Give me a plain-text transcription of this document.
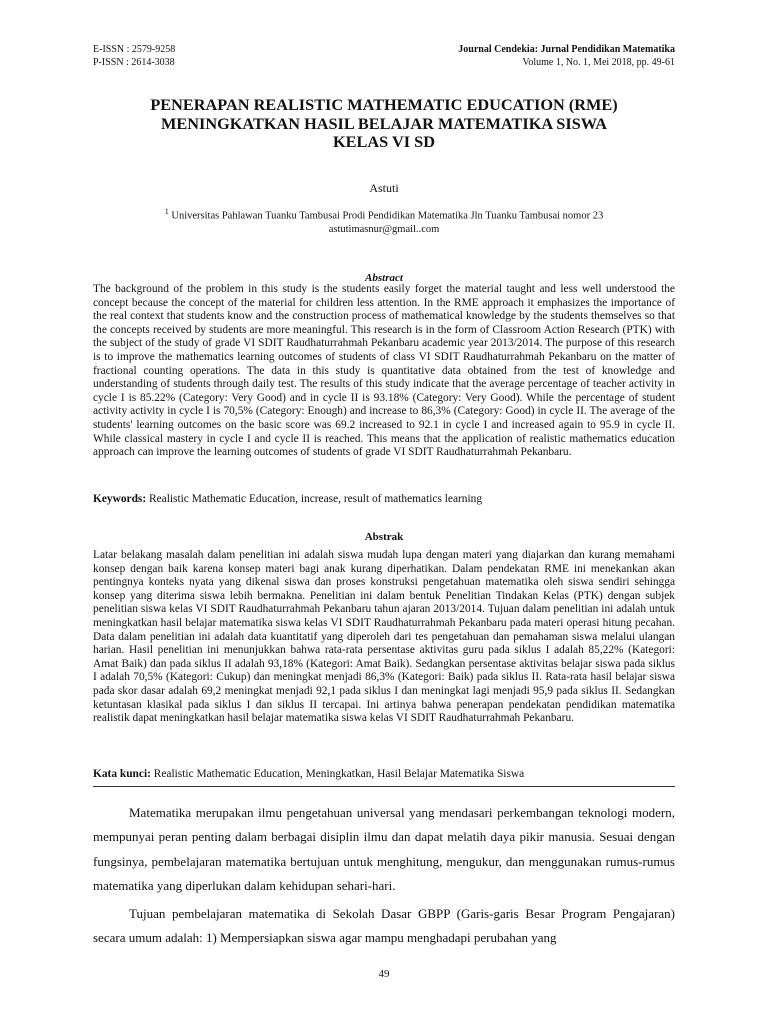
E-ISSN : 2579-9258
P-ISSN : 2614-3038
Journal Cendekia: Jurnal Pendidikan Matematika
Volume 1, No. 1, Mei 2018, pp. 49-61
PENERAPAN REALISTIC MATHEMATIC EDUCATION (RME)
MENINGKATKAN HASIL BELAJAR MATEMATIKA SISWA
KELAS VI SD
Astuti
$^1$ Universitas Pahlawan Tuanku Tambusai Prodi Pendidikan Matematika Jln Tuanku Tambusai nomor 23
astutimasnur@gmail..com
Abstract
The background of the problem in this study is the students easily forget the material taught and less well understood the concept because the concept of the material for children less attention. In the RME approach it emphasizes the importance of the real context that students know and the construction process of mathematical knowledge by the students themselves so that the concepts received by students are more meaningful. This research is in the form of Classroom Action Research (PTK) with the subject of the study of grade VI SDIT Raudhaturrahmah Pekanbaru academic year 2013/2014. The purpose of this research is to improve the mathematics learning outcomes of students of class VI SDIT Raudhaturrahmah Pekanbaru on the matter of fractional counting operations. The data in this study is quantitative data obtained from the test of knowledge and understanding of students through daily test. The results of this study indicate that the average percentage of teacher activity in cycle I is 85.22% (Category: Very Good) and in cycle II is 93.18% (Category: Very Good). While the percentage of student activity activity in cycle I is 70,5% (Category: Enough) and increase to 86,3% (Category: Good) in cycle II. The average of the students' learning outcomes on the basic score was 69.2 increased to 92.1 in cycle I and increased again to 95.9 in cycle II. While classical mastery in cycle I and cycle II is reached. This means that the application of realistic mathematics education approach can improve the learning outcomes of students of grade VI SDIT Raudhaturrahmah Pekanbaru.
Keywords: Realistic Mathematic Education, increase, result of mathematics learning
Abstrak
Latar belakang masalah dalam penelitian ini adalah siswa mudah lupa dengan materi yang diajarkan dan kurang memahami konsep dengan baik karena konsep materi bagi anak kurang diperhatikan. Dalam pendekatan RME ini menekankan akan pentingnya konteks nyata yang dikenal siswa dan proses konstruksi pengetahuan matematika oleh siswa sendiri sehingga konsep yang diterima siswa lebih bermakna. Penelitian ini dalam bentuk Penelitian Tindakan Kelas (PTK) dengan subjek penelitian siswa kelas VI SDIT Raudhaturrahmah Pekanbaru tahun ajaran 2013/2014. Tujuan dalam penelitian ini adalah untuk meningkatkan hasil belajar matematika siswa kelas VI SDIT Raudhaturrahmah Pekanbaru pada materi operasi hitung pecahan. Data dalam penelitian ini adalah data kuantitatif yang diperoleh dari tes pengetahuan dan pemahaman siswa melalui ulangan harian. Hasil penelitian ini menunjukkan bahwa rata-rata persentase aktivitas guru pada siklus I adalah 85,22% (Kategori: Amat Baik) dan pada siklus II adalah 93,18% (Kategori: Amat Baik). Sedangkan persentase aktivitas belajar siswa pada siklus I adalah 70,5% (Kategori: Cukup) dan meningkat menjadi 86,3% (Kategori: Baik) pada siklus II. Rata-rata hasil belajar siswa pada skor dasar adalah 69,2 meningkat menjadi 92,1 pada siklus I dan meningkat lagi menjadi 95,9 pada siklus II. Sedangkan ketuntasan klasikal pada siklus I dan siklus II tercapai. Ini artinya bahwa penerapan pendekatan pendidikan matematika realistik dapat meningkatkan hasil belajar matematika siswa kelas VI SDIT Raudhaturrahmah Pekanbaru.
Kata kunci: Realistic Mathematic Education, Meningkatkan, Hasil Belajar Matematika Siswa

Matematika merupakan ilmu pengetahuan universal yang mendasari perkembangan teknologi modern, mempunyai peran penting dalam berbagai disiplin ilmu dan dapat melatih daya pikir manusia. Sesuai dengan fungsinya, pembelajaran matematika bertujuan untuk menghitung, mengukur, dan menggunakan rumus-rumus matematika yang diperlukan dalam kehidupan sehari-hari.

Tujuan pembelajaran matematika di Sekolah Dasar GBPP (Garis-garis Besar Program Pengajaran) secara umum adalah: 1) Mempersiapkan siswa agar mampu menghadapi perubahan yang

49
